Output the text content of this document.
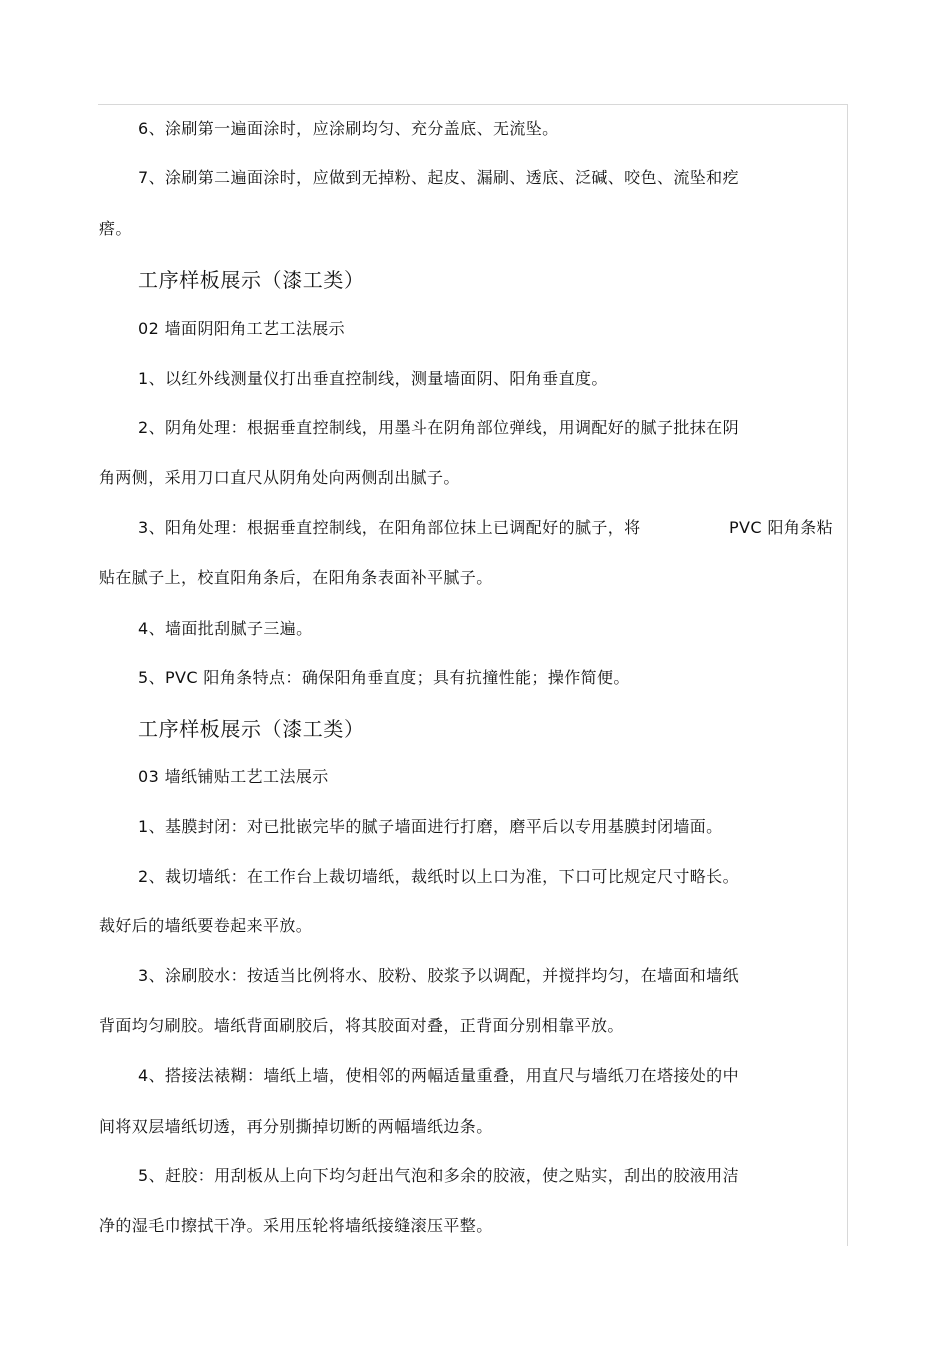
6、涂刷第一遍面涂时，应涂刷均匀、充分盖底、无流坠。
7、涂刷第二遍面涂时，应做到无掉粉、起皮、漏刷、透底、泛碱、咬色、流坠和疙
瘩。
工序样板展示（漆工类）
02 墙面阴阳角工艺工法展示
1、以红外线测量仪打出垂直控制线，测量墙面阴、阳角垂直度。
2、阴角处理：根据垂直控制线，用墨斗在阴角部位弹线，用调配好的腻子批抹在阴
角两侧，采用刀口直尺从阴角处向两侧刮出腻子。
3、阳角处理：根据垂直控制线，在阳角部位抹上已调配好的腻子，将	PVC 阳角条粘
贴在腻子上，校直阳角条后，在阳角条表面补平腻子。
4、墙面批刮腻子三遍。
5、PVC 阳角条特点：确保阳角垂直度；具有抗撞性能；操作简便。
工序样板展示（漆工类）
03 墙纸铺贴工艺工法展示
1、基膜封闭：对已批嵌完毕的腻子墙面进行打磨，磨平后以专用基膜封闭墙面。
2、裁切墙纸：在工作台上裁切墙纸，裁纸时以上口为准，下口可比规定尺寸略长。
裁好后的墙纸要卷起来平放。
3、涂刷胶水：按适当比例将水、胶粉、胶浆予以调配，并搅拌均匀，在墙面和墙纸
背面均匀刷胶。墙纸背面刷胶后，将其胶面对叠，正背面分别相靠平放。
4、搭接法裱糊：墙纸上墙，使相邻的两幅适量重叠，用直尺与墙纸刀在塔接处的中
间将双层墙纸切透，再分别撕掉切断的两幅墙纸边条。
5、赶胶：用刮板从上向下均匀赶出气泡和多余的胶液，使之贴实，刮出的胶液用洁
净的湿毛巾擦拭干净。采用压轮将墙纸接缝滚压平整。
